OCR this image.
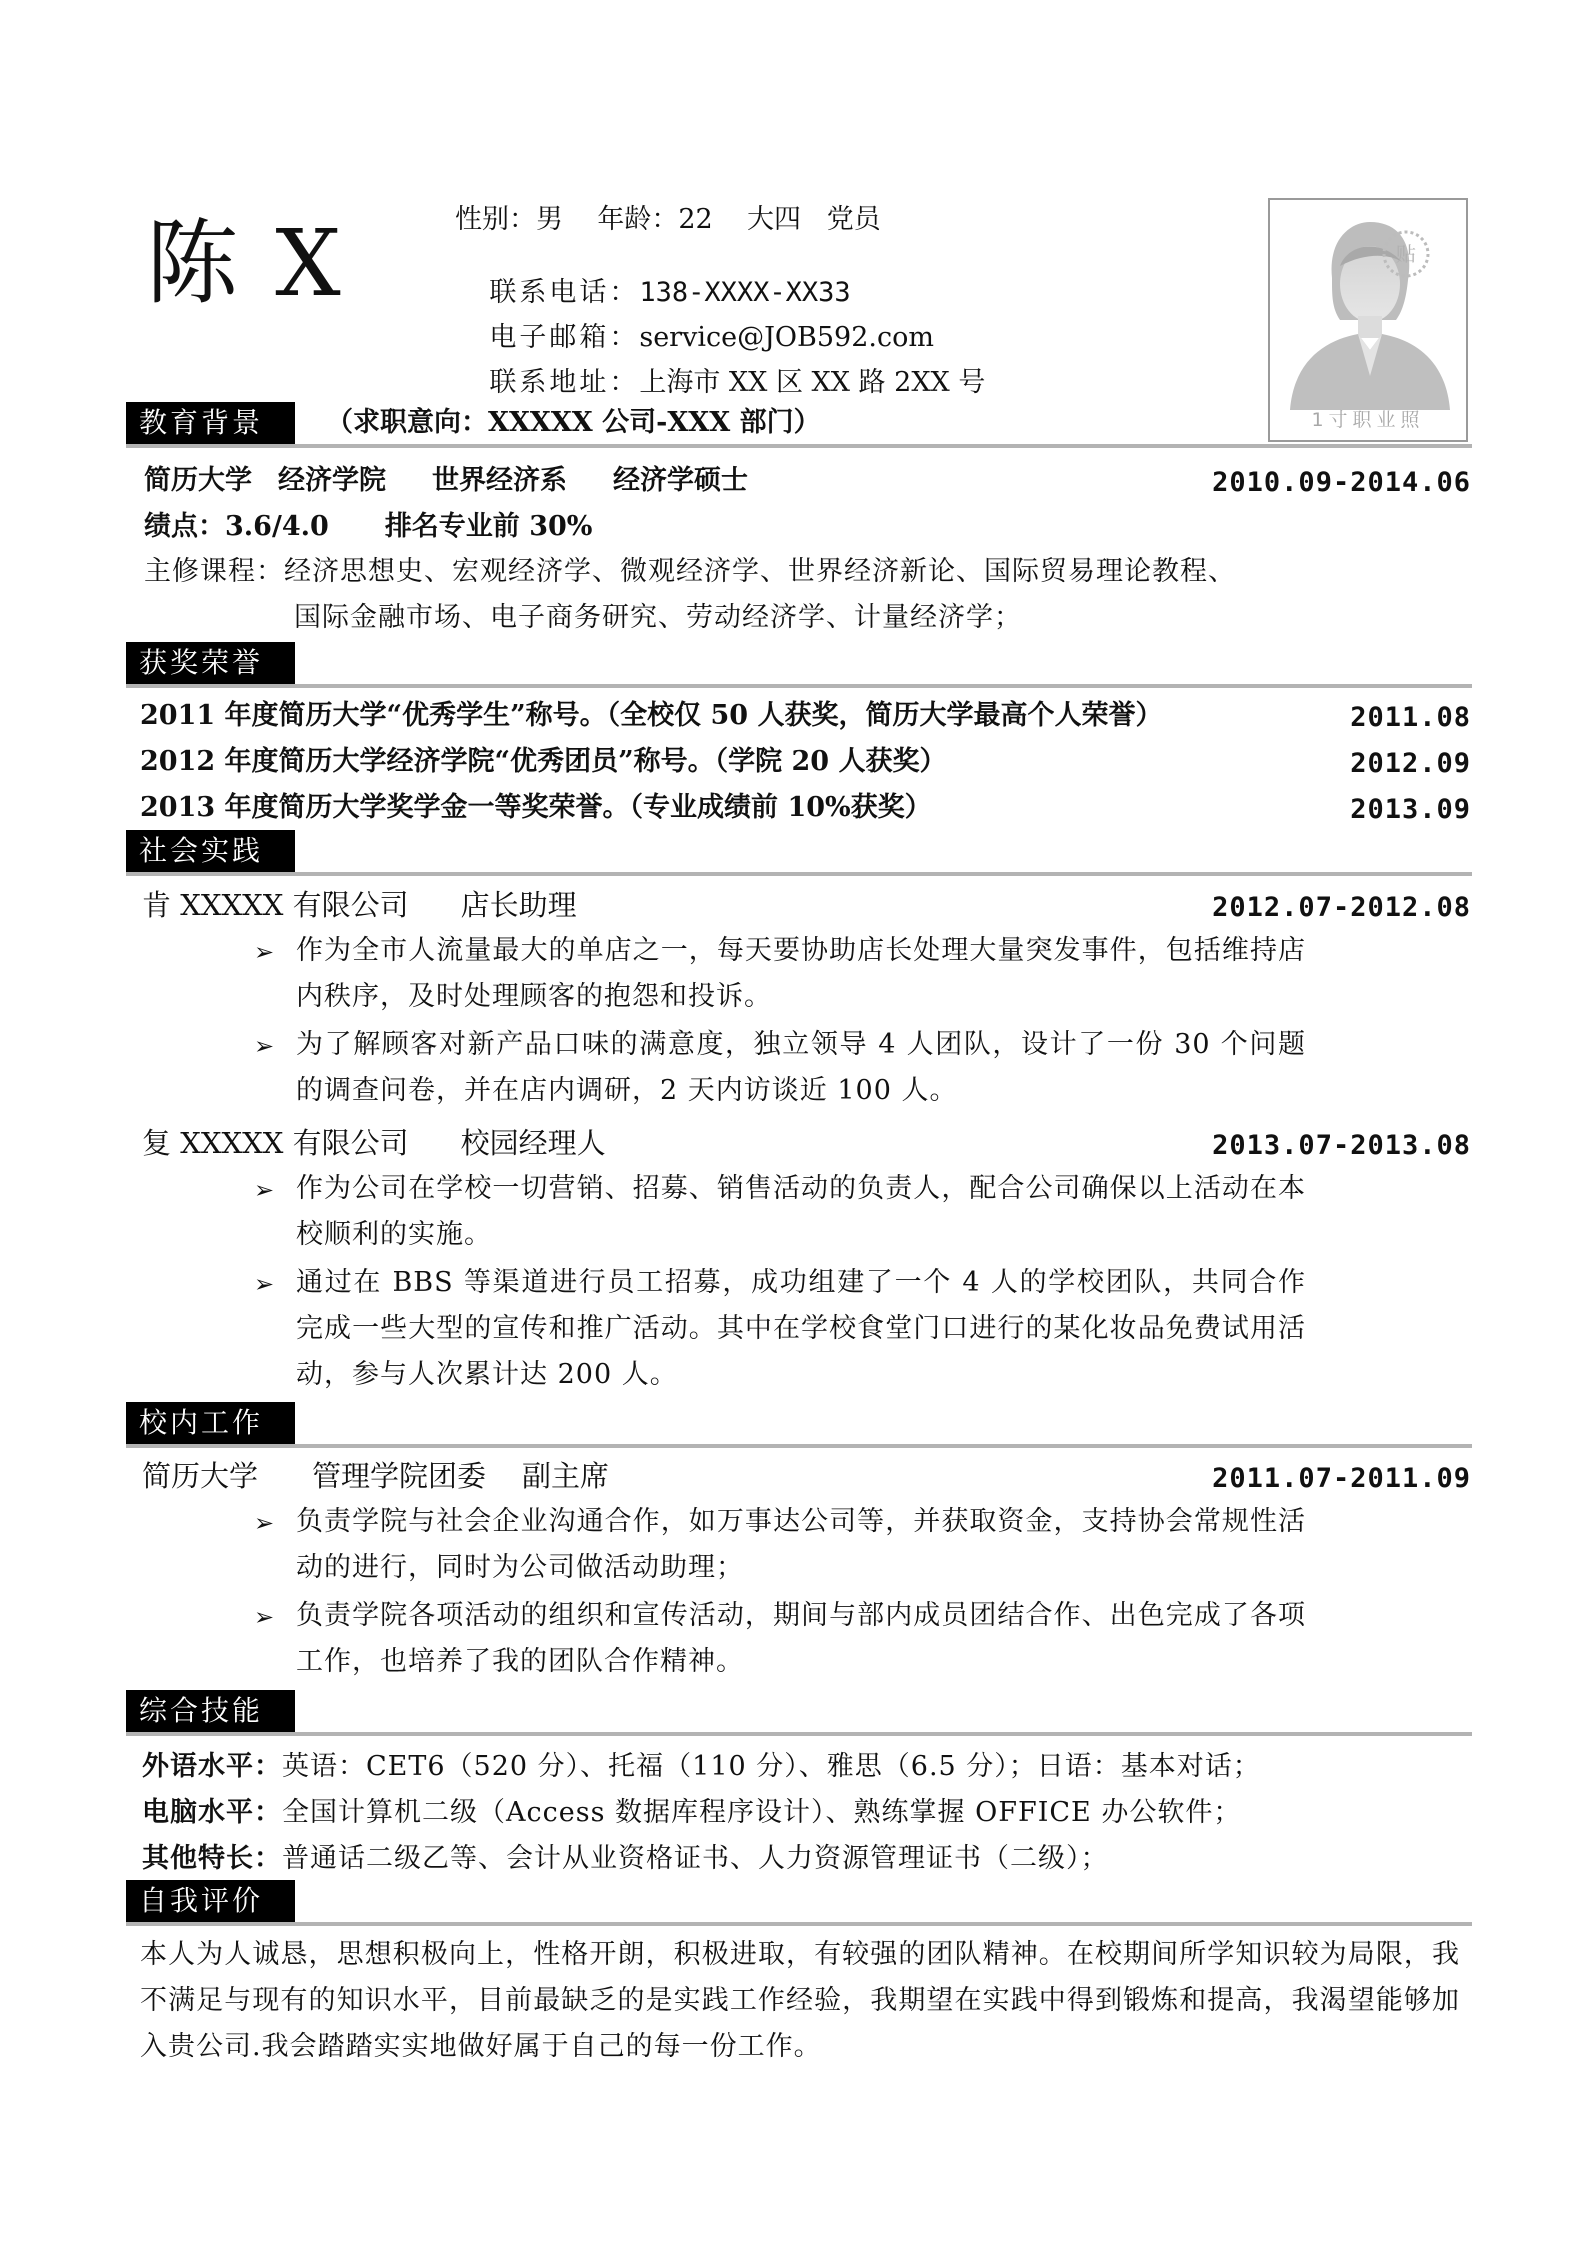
陈 X	性别：男    年龄：22    大四   党员

联系电话：138-XXXX-XX33

电子邮箱：service@JOB592.com

联系地址：上海市 XX 区 XX 路 2XX 号

贴
1寸职业照
教育背景	（求职意向：XXXXX 公司-XXX 部门）
简历大学 经济学院 世界经济系 经济学硕士	2010.09-2014.06
绩点：3.6/4.0 排名专业前 30%
主修课程：经济思想史、宏观经济学、微观经济学、世界经济新论、国际贸易理论教程、
国际金融市场、电子商务研究、劳动经济学、计量经济学；
获奖荣誉
2011 年度简历大学“优秀学生”称号。（全校仅 50 人获奖，简历大学最高个人荣誉）	2011.08
2012 年度简历大学经济学院“优秀团员”称号。（学院 20 人获奖）	2012.09
2013 年度简历大学奖学金一等奖荣誉。（专业成绩前 10%获奖）	2013.09
社会实践
肯 XXXXX 有限公司 店长助理	2012.07-2012.08
➢ 作为全市人流量最大的单店之一，每天要协助店长处理大量突发事件，包括维持店内秩序，及时处理顾客的抱怨和投诉。
➢ 为了解顾客对新产品口味的满意度，独立领导 4 人团队，设计了一份 30 个问题的调查问卷，并在店内调研，2 天内访谈近 100 人。
复 XXXXX 有限公司 校园经理人	2013.07-2013.08
➢ 作为公司在学校一切营销、招募、销售活动的负责人，配合公司确保以上活动在本校顺利的实施。
➢ 通过在 BBS 等渠道进行员工招募，成功组建了一个 4 人的学校团队，共同合作完成一些大型的宣传和推广活动。其中在学校食堂门口进行的某化妆品免费试用活动，参与人次累计达 200 人。
校内工作
简历大学 管理学院团委 副主席	2011.07-2011.09
➢ 负责学院与社会企业沟通合作，如万事达公司等，并获取资金，支持协会常规性活动的进行，同时为公司做活动助理；
➢ 负责学院各项活动的组织和宣传活动，期间与部内成员团结合作、出色完成了各项工作，也培养了我的团队合作精神。
综合技能
外语水平：英语：CET6（520 分）、托福（110 分）、雅思（6.5 分）；日语：基本对话；
电脑水平：全国计算机二级（Access 数据库程序设计）、熟练掌握 OFFICE 办公软件；
其他特长：普通话二级乙等、会计从业资格证书、人力资源管理证书（二级）；
自我评价
本人为人诚恳，思想积极向上，性格开朗，积极进取，有较强的团队精神。在校期间所学知识较为局限，我不满足与现有的知识水平，目前最缺乏的是实践工作经验，我期望在实践中得到锻炼和提高，我渴望能够加入贵公司.我会踏踏实实地做好属于自己的每一份工作。
